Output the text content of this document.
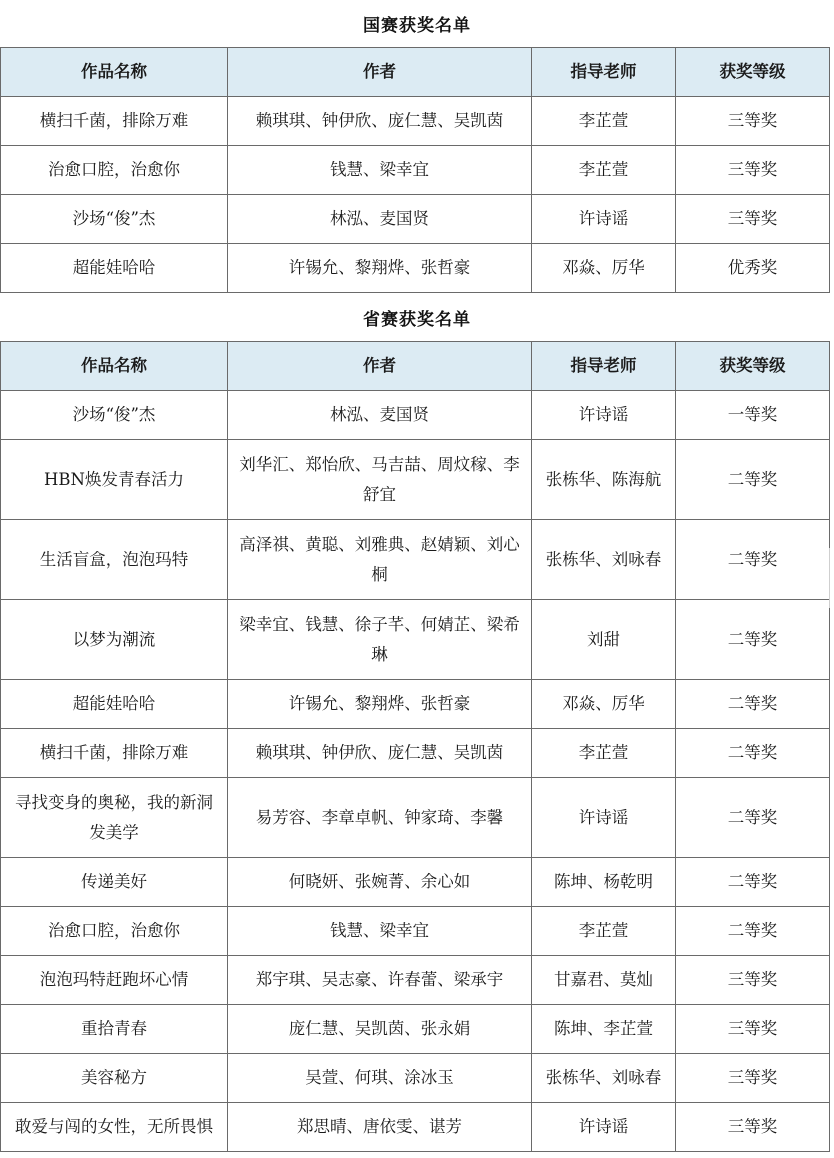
国赛获奖名单
作品名称	作者	指导老师	获奖等级
横扫千菌，排除万难	赖琪琪、钟伊欣、庞仁慧、吴凯茵	李芷萱	三等奖
治愈口腔，治愈你	钱慧、梁幸宜	李芷萱	三等奖
沙场“俊”杰	林泓、麦国贤	许诗谣	三等奖
超能娃哈哈	许锡允、黎翔烨、张哲豪	邓焱、厉华	优秀奖
省赛获奖名单
作品名称	作者	指导老师	获奖等级
沙场“俊”杰	林泓、麦国贤	许诗谣	一等奖
HBN焕发青春活力	刘华汇、郑怡欣、马吉喆、周炆稼、李舒宜	张栋华、陈海航	二等奖
生活盲盒，泡泡玛特	高泽祺、黄聪、刘雅典、赵婧颖、刘心桐	张栋华、刘咏春	二等奖
以梦为潮流	梁幸宜、钱慧、徐子芊、何婧芷、梁希琳	刘甜	二等奖
超能娃哈哈	许锡允、黎翔烨、张哲豪	邓焱、厉华	二等奖
横扫千菌，排除万难	赖琪琪、钟伊欣、庞仁慧、吴凯茵	李芷萱	二等奖
寻找变身的奥秘，我的新洞发美学	易芳容、李章卓帆、钟家琦、李馨	许诗谣	二等奖
传递美好	何晓妍、张婉菁、余心如	陈坤、杨乾明	二等奖
治愈口腔，治愈你	钱慧、梁幸宜	李芷萱	二等奖
泡泡玛特赶跑坏心情	郑宇琪、吴志豪、许春蕾、梁承宇	甘嘉君、莫灿	三等奖
重拾青春	庞仁慧、吴凯茵、张永娟	陈坤、李芷萱	三等奖
美容秘方	吴萱、何琪、涂冰玉	张栋华、刘咏春	三等奖
敢爱与闯的女性，无所畏惧	郑思晴、唐依雯、谌芳	许诗谣	三等奖
